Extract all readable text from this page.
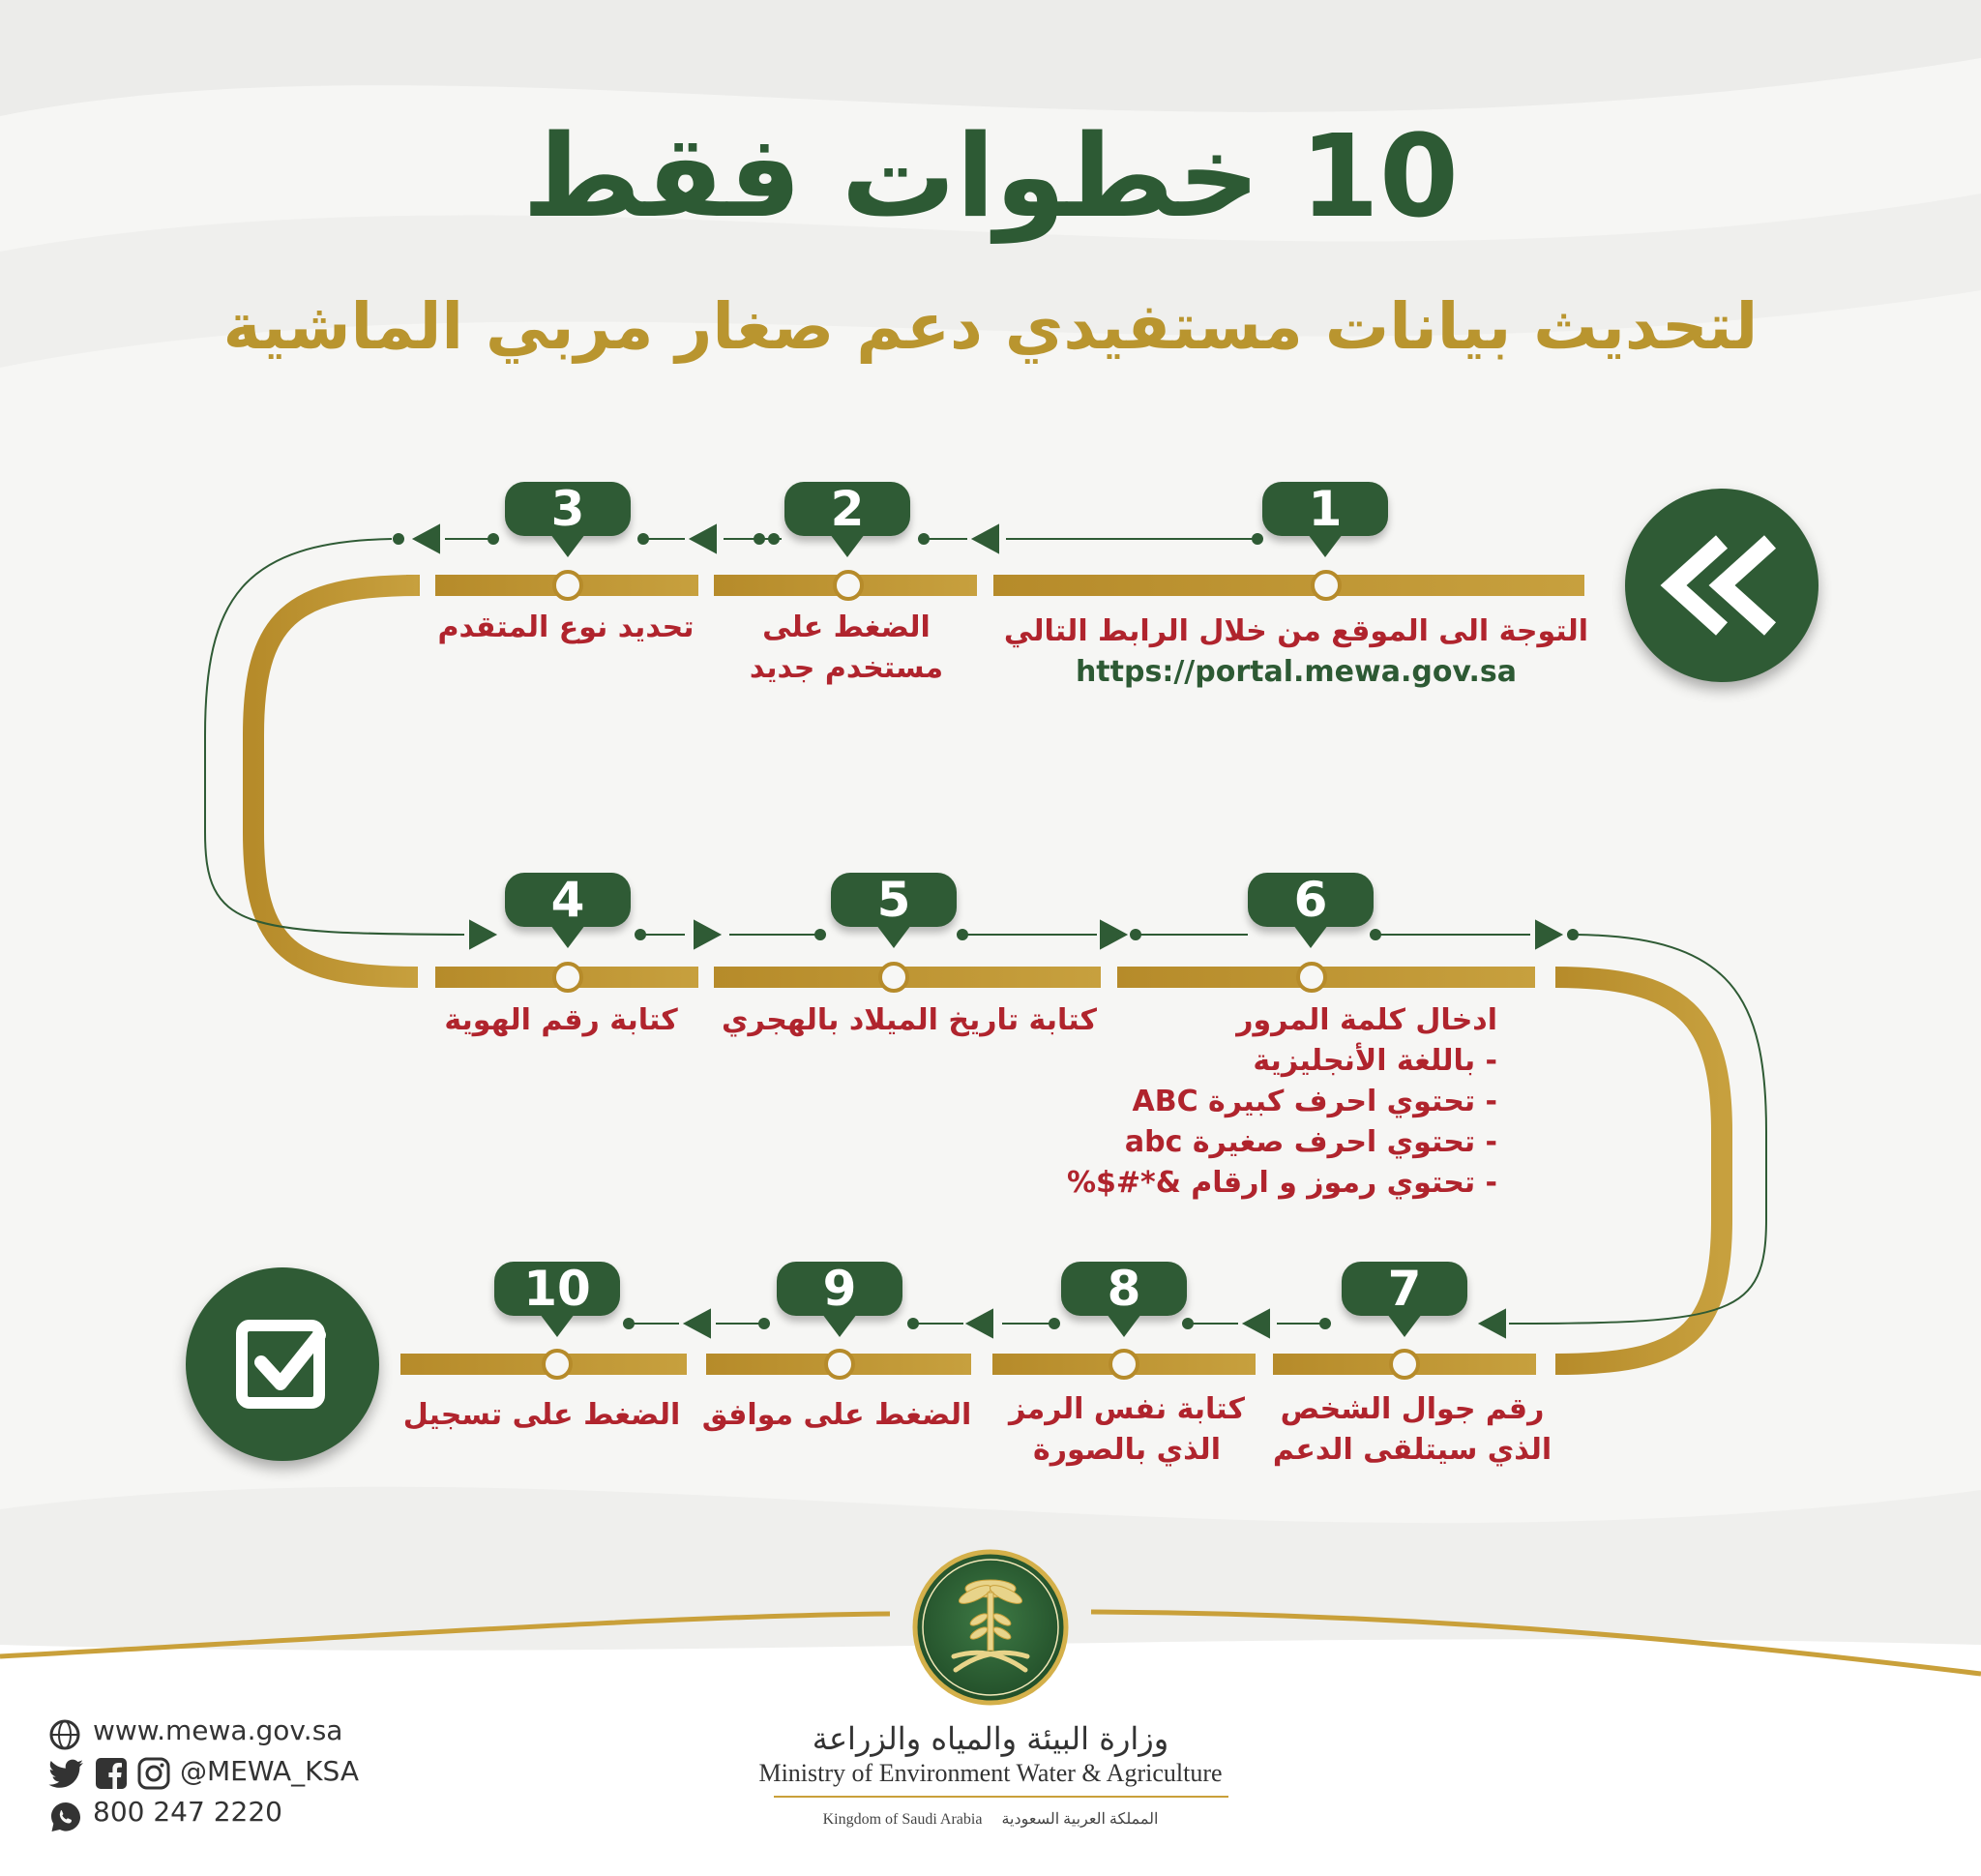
10 خطوات فقط
لتحديث بيانات مستفيدي دعم صغار مربي الماشية
1
2
3
4	5	6
7
8
9
10
التوجة الى الموقع من خلال الرابط التالي
https://portal.mewa.gov.sa
الضغط على
مستخدم جديد
تحديد نوع المتقدم
كتابة رقم الهوية	كتابة تاريخ الميلاد بالهجري	ادخال كلمة المرور
- باللغة الأنجليزية
- تحتوي احرف كبيرة ABC
- تحتوي احرف صغيرة abc
- تحتوي رموز و ارقام &*#$%
رقم جوال الشخص
الذي سيتلقى الدعم
كتابة نفس الرمز
الذي بالصورة
الضغط على موافق
الضغط على تسجيل
وزارة البيئة والمياه والزراعة
Ministry of Environment Water & Agriculture
Kingdom of Saudi Arabia المملكة العربية السعودية
www.mewa.gov.sa
@MEWA_KSA
800 247 2220
